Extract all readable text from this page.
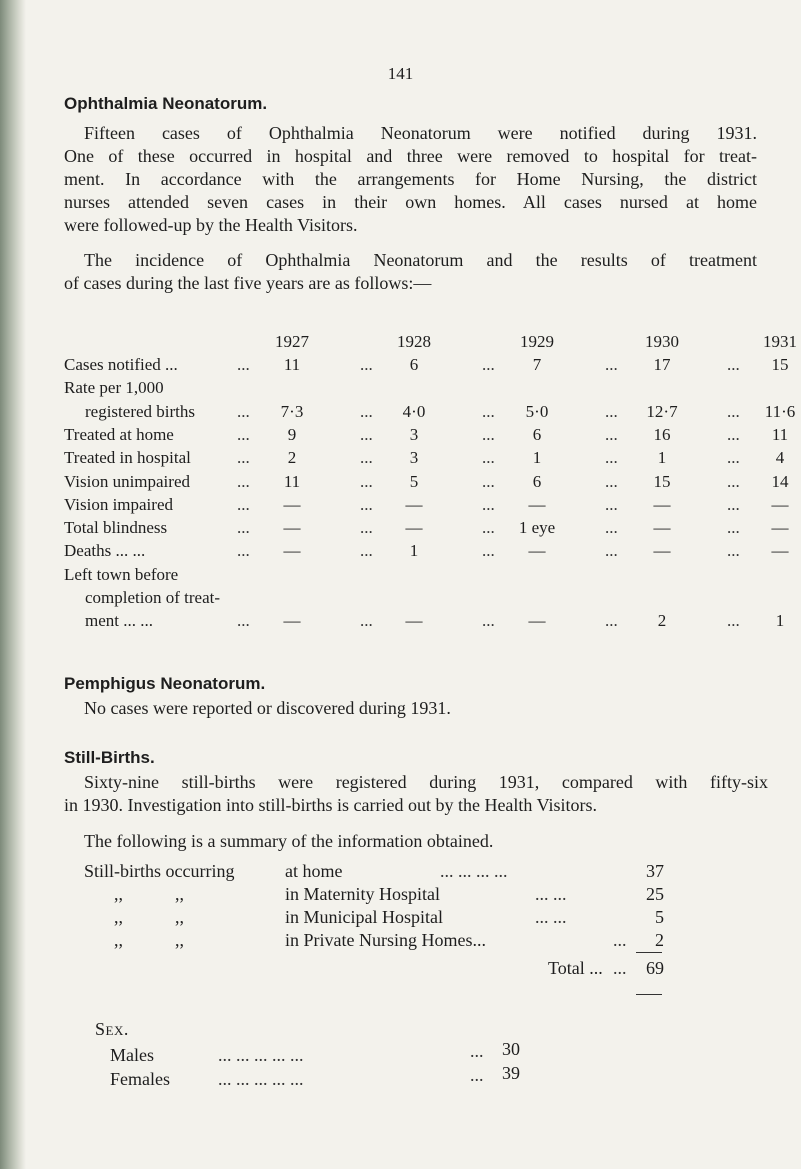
141
Ophthalmia Neonatorum.
Fifteen cases of Ophthalmia Neonatorum were notified during 1931.
One of these occurred in hospital and three were removed to hospital for treat-
ment. In accordance with the arrangements for Home Nursing, the district
nurses attended seven cases in their own homes. All cases nursed at home
were followed-up by the Health Visitors.
The incidence of Ophthalmia Neonatorum and the results of treatment
of cases during the last five years are as follows:—
1927	1928	1929	1930	1931
Cases notified ...	...	11	...	6	...	7	...	17	...	15
Rate per 1,000
registered births ...	7·3	...	4·0	...	5·0	...	12·7	...	11·6
Treated at home	...	9	...	3	...	6	...	16	...	11
Treated in hospital	...	2	...	3	...	1	...	1	...	4
Vision unimpaired	...	11	...	5	...	6	...	15	...	14
Vision impaired	...	—	...	—	...	—	...	—	...	—
Total blindness	...	—	...	—	...	1 eye	...	—	...	—
Deaths ... ...	...	—	...	1	...	—	...	—	...	—
Left town before
completion of treat-
ment ... ...	...	—	...	—	...	—	...	2	...	1
Pemphigus Neonatorum.
No cases were reported or discovered during 1931.
Still-Births.
Sixty-nine still-births were registered during 1931, compared with fifty-six
in 1930. Investigation into still-births is carried out by the Health Visitors.
The following is a summary of the information obtained.
Still-births occurring	at home	... ... ... ...	37
,,	,,	in Maternity Hospital	... ...	25
,,	,,	in Municipal Hospital	... ...	5
,,	,,	in Private Nursing Homes...	...	2
Total ... ...	69
Sex.
Males	... ... ... ... ...	...	30
Females	... ... ... ... ...	...	39
